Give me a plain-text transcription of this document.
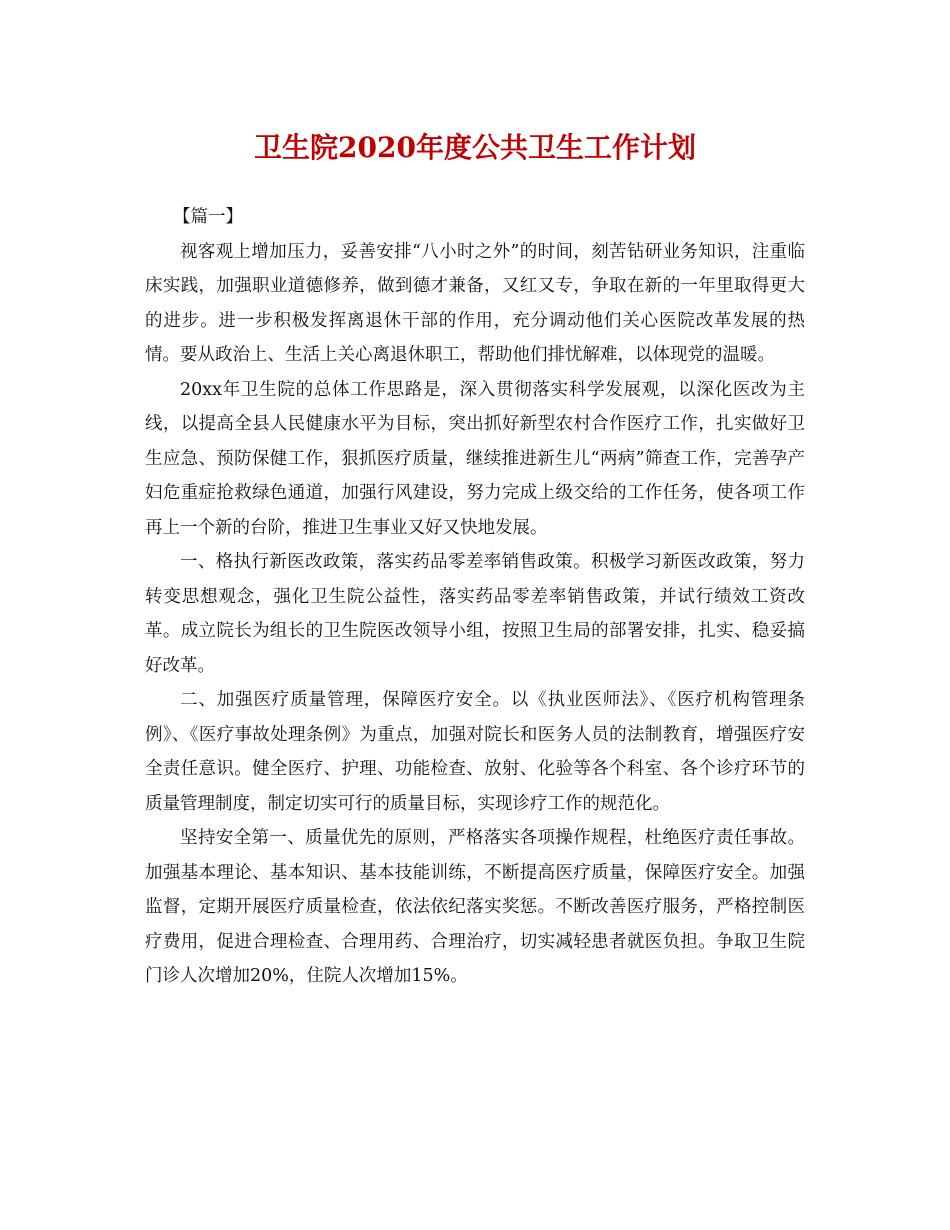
卫生院2020年度公共卫生工作计划

【篇一】

视客观上增加压力，妥善安排“八小时之外”的时间，刻苦钻研业务知识，注重临床实践，加强职业道德修养，做到德才兼备，又红又专，争取在新的一年里取得更大的进步。进一步积极发挥离退休干部的作用，充分调动他们关心医院改革发展的热情。要从政治上、生活上关心离退休职工，帮助他们排忧解难，以体现党的温暖。

20xx年卫生院的总体工作思路是，深入贯彻落实科学发展观，以深化医改为主线，以提高全县人民健康水平为目标，突出抓好新型农村合作医疗工作，扎实做好卫生应急、预防保健工作，狠抓医疗质量，继续推进新生儿“两病”筛查工作，完善孕产妇危重症抢救绿色通道，加强行风建设，努力完成上级交给的工作任务，使各项工作再上一个新的台阶，推进卫生事业又好又快地发展。

一、格执行新医改政策，落实药品零差率销售政策。积极学习新医改政策，努力转变思想观念，强化卫生院公益性，落实药品零差率销售政策，并试行绩效工资改革。成立院长为组长的卫生院医改领导小组，按照卫生局的部署安排，扎实、稳妥搞好改革。

二、加强医疗质量管理，保障医疗安全。以《执业医师法》、《医疗机构管理条例》、《医疗事故处理条例》为重点，加强对院长和医务人员的法制教育，增强医疗安全责任意识。健全医疗、护理、功能检查、放射、化验等各个科室、各个诊疗环节的质量管理制度，制定切实可行的质量目标，实现诊疗工作的规范化。

坚持安全第一、质量优先的原则，严格落实各项操作规程，杜绝医疗责任事故。加强基本理论、基本知识、基本技能训练，不断提高医疗质量，保障医疗安全。加强监督，定期开展医疗质量检查，依法依纪落实奖惩。不断改善医疗服务，严格控制医疗费用，促进合理检查、合理用药、合理治疗，切实减轻患者就医负担。争取卫生院门诊人次增加20%，住院人次增加15%。
